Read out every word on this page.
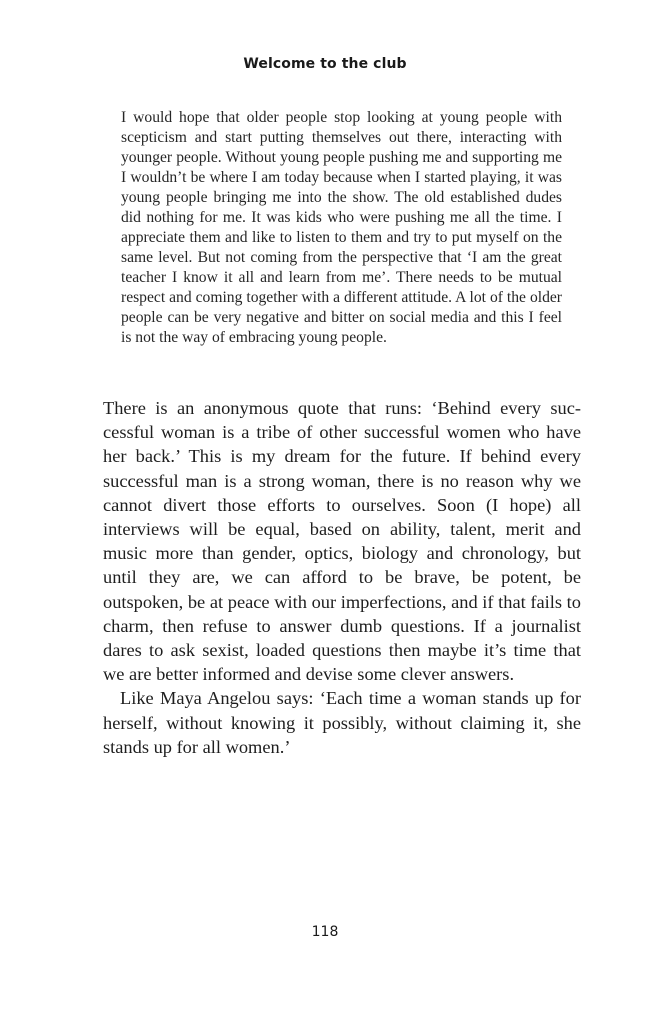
Welcome to the club

I would hope that older people stop looking at young people with scepticism and start putting themselves out there, interacting with younger people. Without young people pushing me and supporting me I wouldn’t be where I am today because when I started playing, it was young people bringing me into the show. The old established dudes did nothing for me. It was kids who were pushing me all the time. I appreciate them and like to listen to them and try to put myself on the same level. But not coming from the perspective that ‘I am the great teacher I know it all and learn from me’. There needs to be mutual respect and coming together with a different attitude. A lot of the older people can be very negative and bitter on social media and this I feel is not the way of embracing young people.

There is an anonymous quote that runs: ‘Behind every successful woman is a tribe of other successful women who have her back.’ This is my dream for the future. If behind every successful man is a strong woman, there is no reason why we cannot divert those efforts to ourselves. Soon (I hope) all interviews will be equal, based on ability, talent, merit and music more than gender, optics, biology and chronology, but until they are, we can afford to be brave, be potent, be outspoken, be at peace with our imperfections, and if that fails to charm, then refuse to answer dumb questions. If a journalist dares to ask sexist, loaded questions then maybe it’s time that we are better informed and devise some clever answers.

Like Maya Angelou says: ‘Each time a woman stands up for herself, without knowing it possibly, without claiming it, she stands up for all women.’

118
